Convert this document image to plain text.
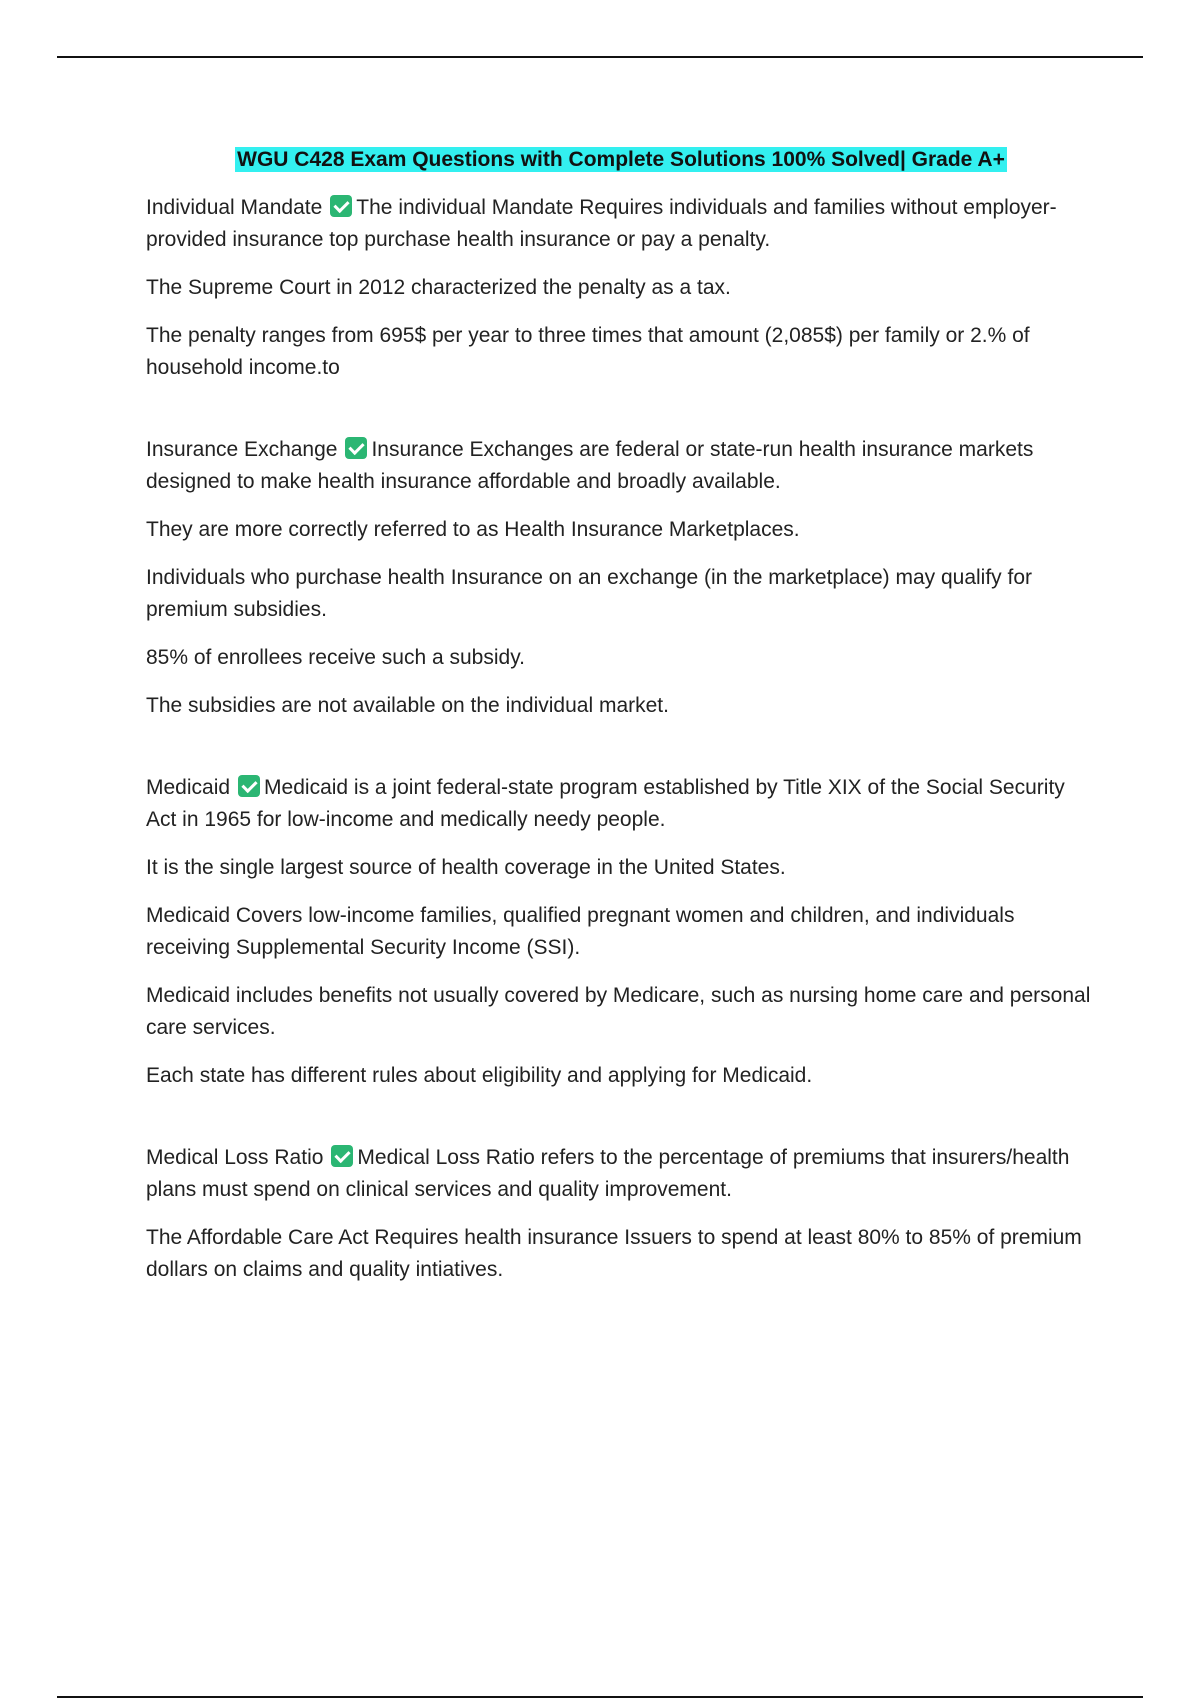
WGU C428 Exam Questions with Complete Solutions 100% Solved| Grade A+

Individual Mandate The individual Mandate Requires individuals and families without employer-provided insurance top purchase health insurance or pay a penalty.

The Supreme Court in 2012 characterized the penalty as a tax.

The penalty ranges from 695$ per year to three times that amount (2,085$) per family or 2.% of household income.to

Insurance Exchange Insurance Exchanges are federal or state-run health insurance markets designed to make health insurance affordable and broadly available.

They are more correctly referred to as Health Insurance Marketplaces.

Individuals who purchase health Insurance on an exchange (in the marketplace) may qualify for premium subsidies.

85% of enrollees receive such a subsidy.

The subsidies are not available on the individual market.

Medicaid Medicaid is a joint federal-state program established by Title XIX of the Social Security Act in 1965 for low-income and medically needy people.

It is the single largest source of health coverage in the United States.

Medicaid Covers low-income families, qualified pregnant women and children, and individuals receiving Supplemental Security Income (SSI).

Medicaid includes benefits not usually covered by Medicare, such as nursing home care and personal care services.

Each state has different rules about eligibility and applying for Medicaid.

Medical Loss Ratio Medical Loss Ratio refers to the percentage of premiums that insurers/health plans must spend on clinical services and quality improvement.

The Affordable Care Act Requires health insurance Issuers to spend at least 80% to 85% of premium dollars on claims and quality intiatives.
